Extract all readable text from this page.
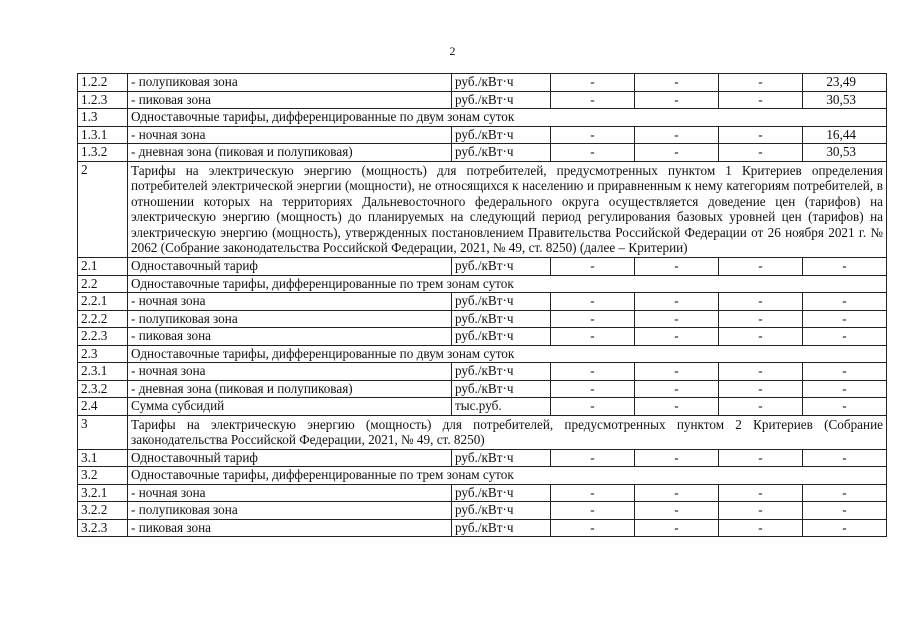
2
1.2.2	- полупиковая зона	руб./кВт·ч	-	-	-	23,49
1.2.3	- пиковая зона	руб./кВт·ч	-	-	-	30,53
1.3	Одноставочные тарифы, дифференцированные по двум зонам суток					
1.3.1	- ночная зона	руб./кВт·ч	-	-	-	16,44
1.3.2	- дневная зона (пиковая и полупиковая)	руб./кВт·ч	-	-	-	30,53
2	Тарифы на электрическую энергию (мощность) для потребителей, предусмотренных пунктом 1 Критериев определения потребителей электрической энергии (мощности), не относящихся к населению и приравненным к нему категориям потребителей, в отношении которых на территориях Дальневосточного федерального округа осуществляется доведение цен (тарифов) на электрическую энергию (мощность) до планируемых на следующий период регулирования базовых уровней цен (тарифов) на электрическую энергию (мощность), утвержденных постановлением Правительства Российской Федерации от 26 ноября 2021 г. № 2062 (Собрание законодательства Российской Федерации, 2021, № 49, ст. 8250) (далее – Критерии)					
2.1	Одноставочный тариф	руб./кВт·ч	-	-	-	-
2.2	Одноставочные тарифы, дифференцированные по трем зонам суток					
2.2.1	- ночная зона	руб./кВт·ч	-	-	-	-
2.2.2	- полупиковая зона	руб./кВт·ч	-	-	-	-
2.2.3	- пиковая зона	руб./кВт·ч	-	-	-	-
2.3	Одноставочные тарифы, дифференцированные по двум зонам суток					
2.3.1	- ночная зона	руб./кВт·ч	-	-	-	-
2.3.2	- дневная зона (пиковая и полупиковая)	руб./кВт·ч	-	-	-	-
2.4	Сумма субсидий	тыс.руб.	-	-	-	-
3	Тарифы на электрическую энергию (мощность) для потребителей, предусмотренных пунктом 2 Критериев (Собрание законодательства Российской Федерации, 2021, № 49, ст. 8250)					
3.1	Одноставочный тариф	руб./кВт·ч	-	-	-	-
3.2	Одноставочные тарифы, дифференцированные по трем зонам суток					
3.2.1	- ночная зона	руб./кВт·ч	-	-	-	-
3.2.2	- полупиковая зона	руб./кВт·ч	-	-	-	-
3.2.3	- пиковая зона	руб./кВт·ч	-	-	-	-
